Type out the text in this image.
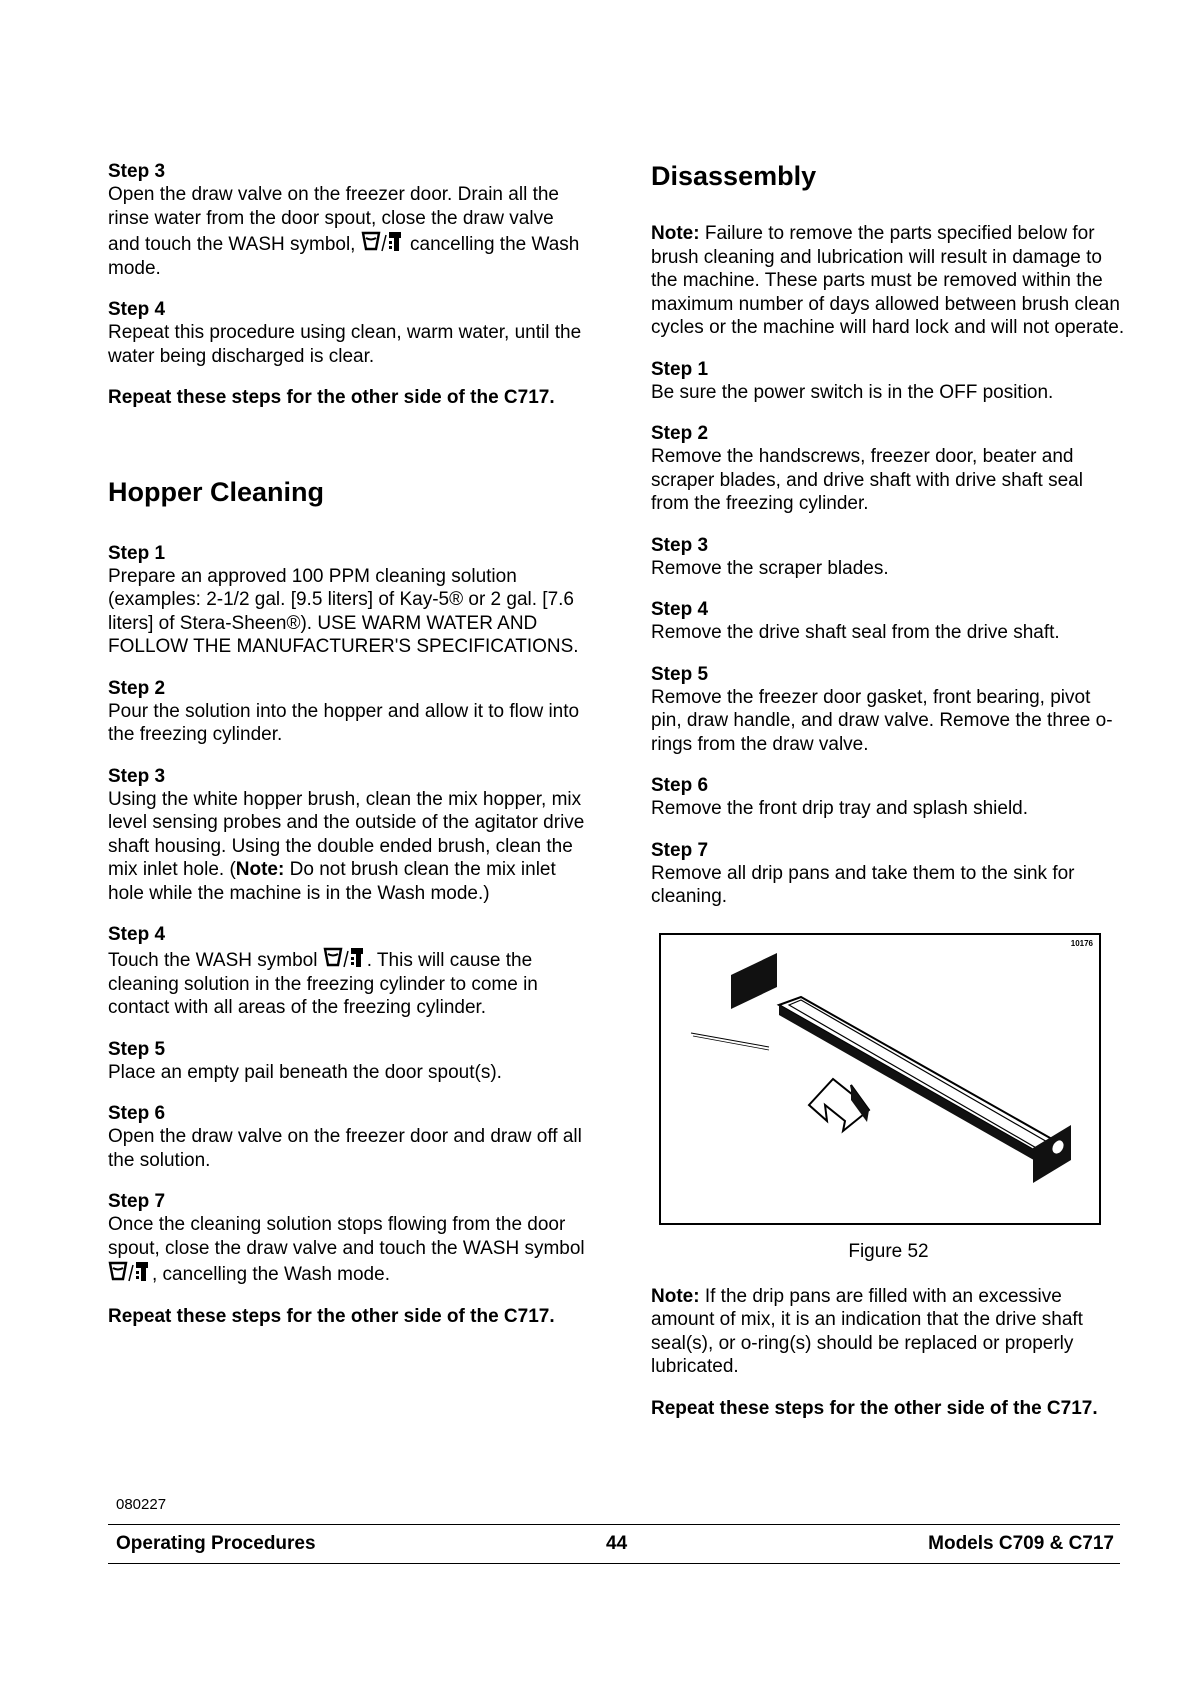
Step 3
Open the draw valve on the freezer door. Drain all the rinse water from the door spout, close the draw valve and touch the WASH symbol,	cancelling the Wash mode.
Step 4
Repeat this procedure using clean, warm water, until the water being discharged is clear.
Repeat these steps for the other side of the C717.
Hopper Cleaning
Step 1
Prepare an approved 100 PPM cleaning solution (examples: 2-1/2 gal. [9.5 liters] of Kay-5® or 2 gal. [7.6 liters] of Stera-Sheen®). USE WARM WATER AND FOLLOW THE MANUFACTURER'S SPECIFICATIONS.
Step 2
Pour the solution into the hopper and allow it to flow into the freezing cylinder.
Step 3
Using the white hopper brush, clean the mix hopper, mix level sensing probes and the outside of the agitator drive shaft housing. Using the double ended brush, clean the mix inlet hole. (Note: Do not brush clean the mix inlet hole while the machine is in the Wash mode.)
Step 4
Touch the WASH symbol	. This will cause the cleaning solution in the freezing cylinder to come in contact with all areas of the freezing cylinder.
Step 5
Place an empty pail beneath the door spout(s).
Step 6
Open the draw valve on the freezer door and draw off all the solution.
Step 7
Once the cleaning solution stops flowing from the door spout, close the draw valve and touch the WASH symbol , cancelling the Wash mode.
Repeat these steps for the other side of the C717.
Disassembly
Note: Failure to remove the parts specified below for brush cleaning and lubrication will result in damage to the machine. These parts must be removed within the maximum number of days allowed between brush clean cycles or the machine will hard lock and will not operate.
Step 1
Be sure the power switch is in the OFF position.
Step 2
Remove the handscrews, freezer door, beater and scraper blades, and drive shaft with drive shaft seal from the freezing cylinder.
Step 3
Remove the scraper blades.
Step 4
Remove the drive shaft seal from the drive shaft.
Step 5
Remove the freezer door gasket, front bearing, pivot pin, draw handle, and draw valve. Remove the three o-rings from the draw valve.
Step 6
Remove the front drip tray and splash shield.
Step 7
Remove all drip pans and take them to the sink for cleaning.
10176
Figure 52
Note: If the drip pans are filled with an excessive amount of mix, it is an indication that the drive shaft seal(s), or o-ring(s) should be replaced or properly lubricated.
Repeat these steps for the other side of the C717.
080227
Operating Procedures	44	Models C709 & C717
